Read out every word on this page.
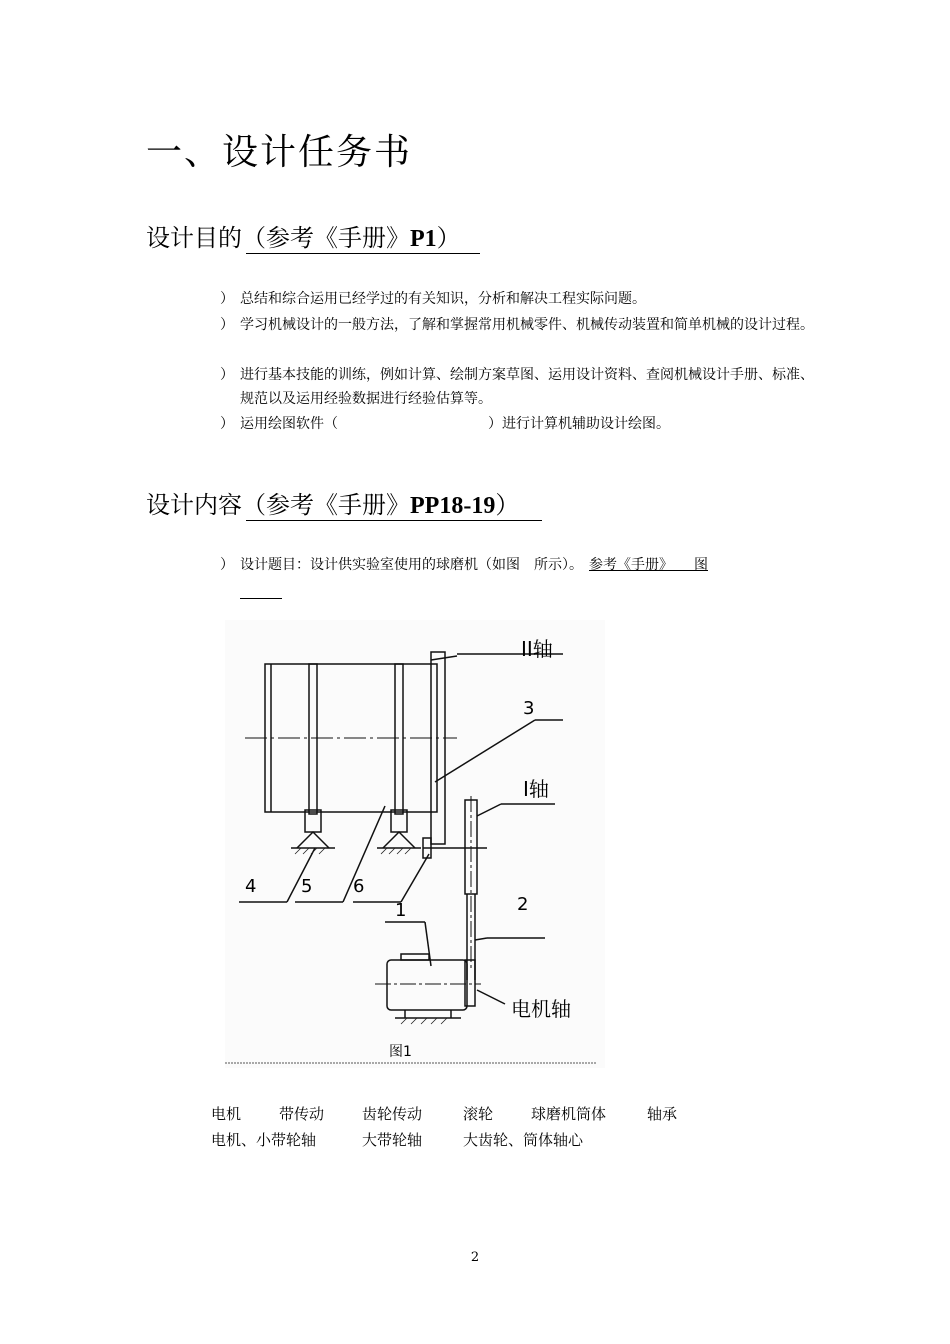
一、设计任务书
设计目的（参考《手册》P1）
） 总结和综合运用已经学过的有关知识，分析和解决工程实际问题。
） 学习机械设计的一般方法，了解和掌握常用机械零件、机械传动装置和简单机械的设计过程。
） 进行基本技能的训练，例如计算、绘制方案草图、运用设计资料、查阅机械设计手册、标准、规范以及运用经验数据进行经验估算等。
） 运用绘图软件（	）进行计算机辅助设计绘图。
设计内容（参考《手册》PP18-19）
） 设计题目：设计供实验室使用的球磨机（如图　所示）。 参考《手册》　　图
II轴
3
I轴
4 5 6
2
1
电机轴
图1
电机	带传动	齿轮传动	滚轮	球磨机筒体	轴承
电机、小带轮轴	大带轮轴	大齿轮、筒体轴心
2
